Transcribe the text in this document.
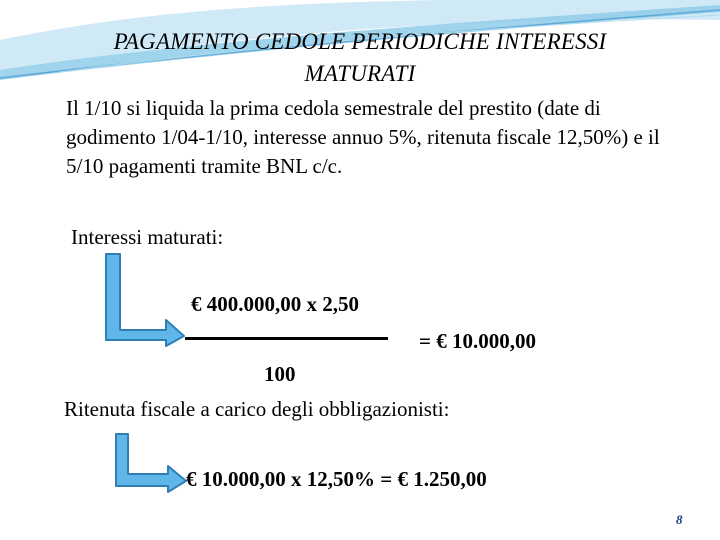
PAGAMENTO CEDOLE PERIODICHE INTERESSI
MATURATI
Il 1/10 si liquida la prima cedola semestrale del prestito (date di godimento 1/04-1/10, interesse annuo 5%, ritenuta fiscale 12,50%) e il 5/10 pagamenti tramite BNL c/c.
Interessi maturati:
€ 400.000,00 x 2,50
= € 10.000,00
100
Ritenuta fiscale a carico degli obbligazionisti:
€ 10.000,00 x 12,50% = € 1.250,00
8
